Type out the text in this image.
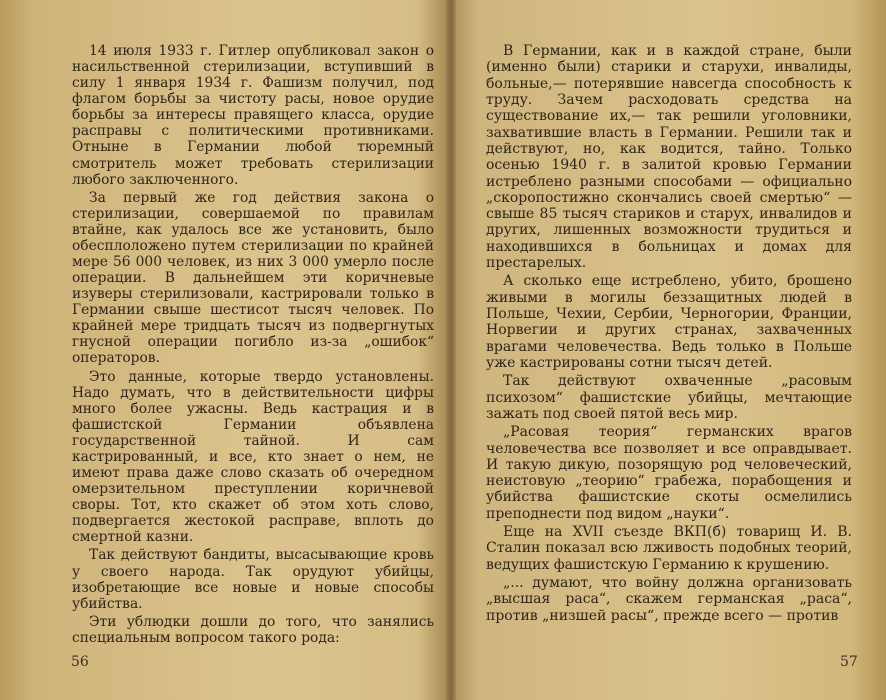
14 июля 1933 г. Гитлер опубликовал закон о насильственной стерилизации, вступивший в силу 1 января 1934 г. Фашизм получил, под флагом борьбы за чистоту расы, новое орудие борьбы за интересы правящего класса, орудие расправы с политическими противниками. Отныне в Германии любой тюремный смотритель может требовать стерилизации любого заключенного.

За первый же год действия закона о стерилизации, совершаемой по правилам втайне, как удалось все же установить, было обесплоложено путем стерилизации по крайней мере 56 000 человек, из них 3 000 умерло после операции. В дальнейшем эти коричневые изуверы стерилизовали, кастрировали только в Германии свыше шестисот тысяч человек. По крайней мере тридцать тысяч из подвергнутых гнусной операции погибло из-за „ошибок“ операторов.

Это данные, которые твердо установлены. Надо думать, что в действительности цифры много более ужасны. Ведь кастрация и в фашистской Германии объявлена государственной тайной. И сам кастрированный, и все, кто знает о нем, не имеют права даже слово сказать об очередном омерзительном преступлении коричневой своры. Тот, кто скажет об этом хоть слово, подвергается жестокой расправе, вплоть до смертной казни.

Так действуют бандиты, высасывающие кровь у своего народа. Так орудуют убийцы, изобретающие все новые и новые способы убийства.

Эти ублюдки дошли до того, что занялись специальным вопросом такого рода:

56

В Германии, как и в каждой стране, были (именно были) старики и старухи, инвалиды, больные,— потерявшие навсегда способность к труду. Зачем расходовать средства на существование их,— так решили уголовники, захватившие власть в Германии. Решили так и действуют, но, как водится, тайно. Только осенью 1940 г. в залитой кровью Германии истреблено разными способами — официально „скоропостижно скончались своей смертью“ — свыше 85 тысяч стариков и старух, инвалидов и других, лишенных возможности трудиться и находившихся в больницах и домах для престарелых.

А сколько еще истреблено, убито, брошено живыми в могилы беззащитных людей в Польше, Чехии, Сербии, Черногории, Франции, Норвегии и других странах, захваченных врагами человечества. Ведь только в Польше уже кастрированы сотни тысяч детей.

Так действуют охваченные „расовым психозом“ фашистские убийцы, мечтающие зажать под своей пятой весь мир.

„Расовая теория“ германских врагов человечества все позволяет и все оправдывает. И такую дикую, позорящую род человеческий, неистовую „теорию“ грабежа, порабощения и убийства фашистские скоты осмелились преподнести под видом „науки“.

Еще на XVII съезде ВКП(б) товарищ И. В. Сталин показал всю лживость подобных теорий, ведущих фашистскую Германию к крушению.

„... думают, что войну должна организовать „высшая раса“, скажем германская „раса“, против „низшей расы“, прежде всего — против

57
